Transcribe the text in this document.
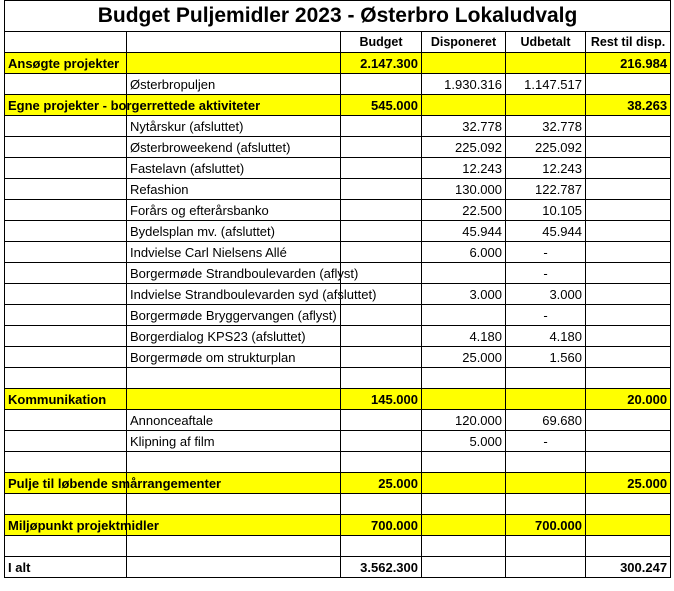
Budget Puljemidler 2023 - Østerbro Lokaludvalg					
		Budget	Disponeret	Udbetalt	Rest til disp.
Ansøgte projekter		2.147.300			216.984
	Østerbropuljen		1.930.316	1.147.517	
Egne projekter - borgerrettede aktiviteter		545.000			38.263
	Nytårskur (afsluttet)		32.778	32.778	
	Østerbroweekend (afsluttet)		225.092	225.092	
	Fastelavn (afsluttet)		12.243	12.243	
	Refashion		130.000	122.787	
	Forårs og efterårsbanko		22.500	10.105	
	Bydelsplan mv. (afsluttet)		45.944	45.944	
	Indvielse Carl Nielsens Allé		6.000	-	
	Borgermøde Strandboulevarden (aflyst)			-	
	Indvielse Strandboulevarden syd (afsluttet)		3.000	3.000	
	Borgermøde Bryggervangen (aflyst)			-	
	Borgerdialog KPS23 (afsluttet)		4.180	4.180	
	Borgermøde om strukturplan		25.000	1.560	

Kommunikation		145.000			20.000
	Annonceaftale		120.000	69.680	
	Klipning af film		5.000	-	

Pulje til løbende smårrangementer		25.000			25.000

Miljøpunkt projektmidler		700.000		700.000	

I alt		3.562.300			300.247
